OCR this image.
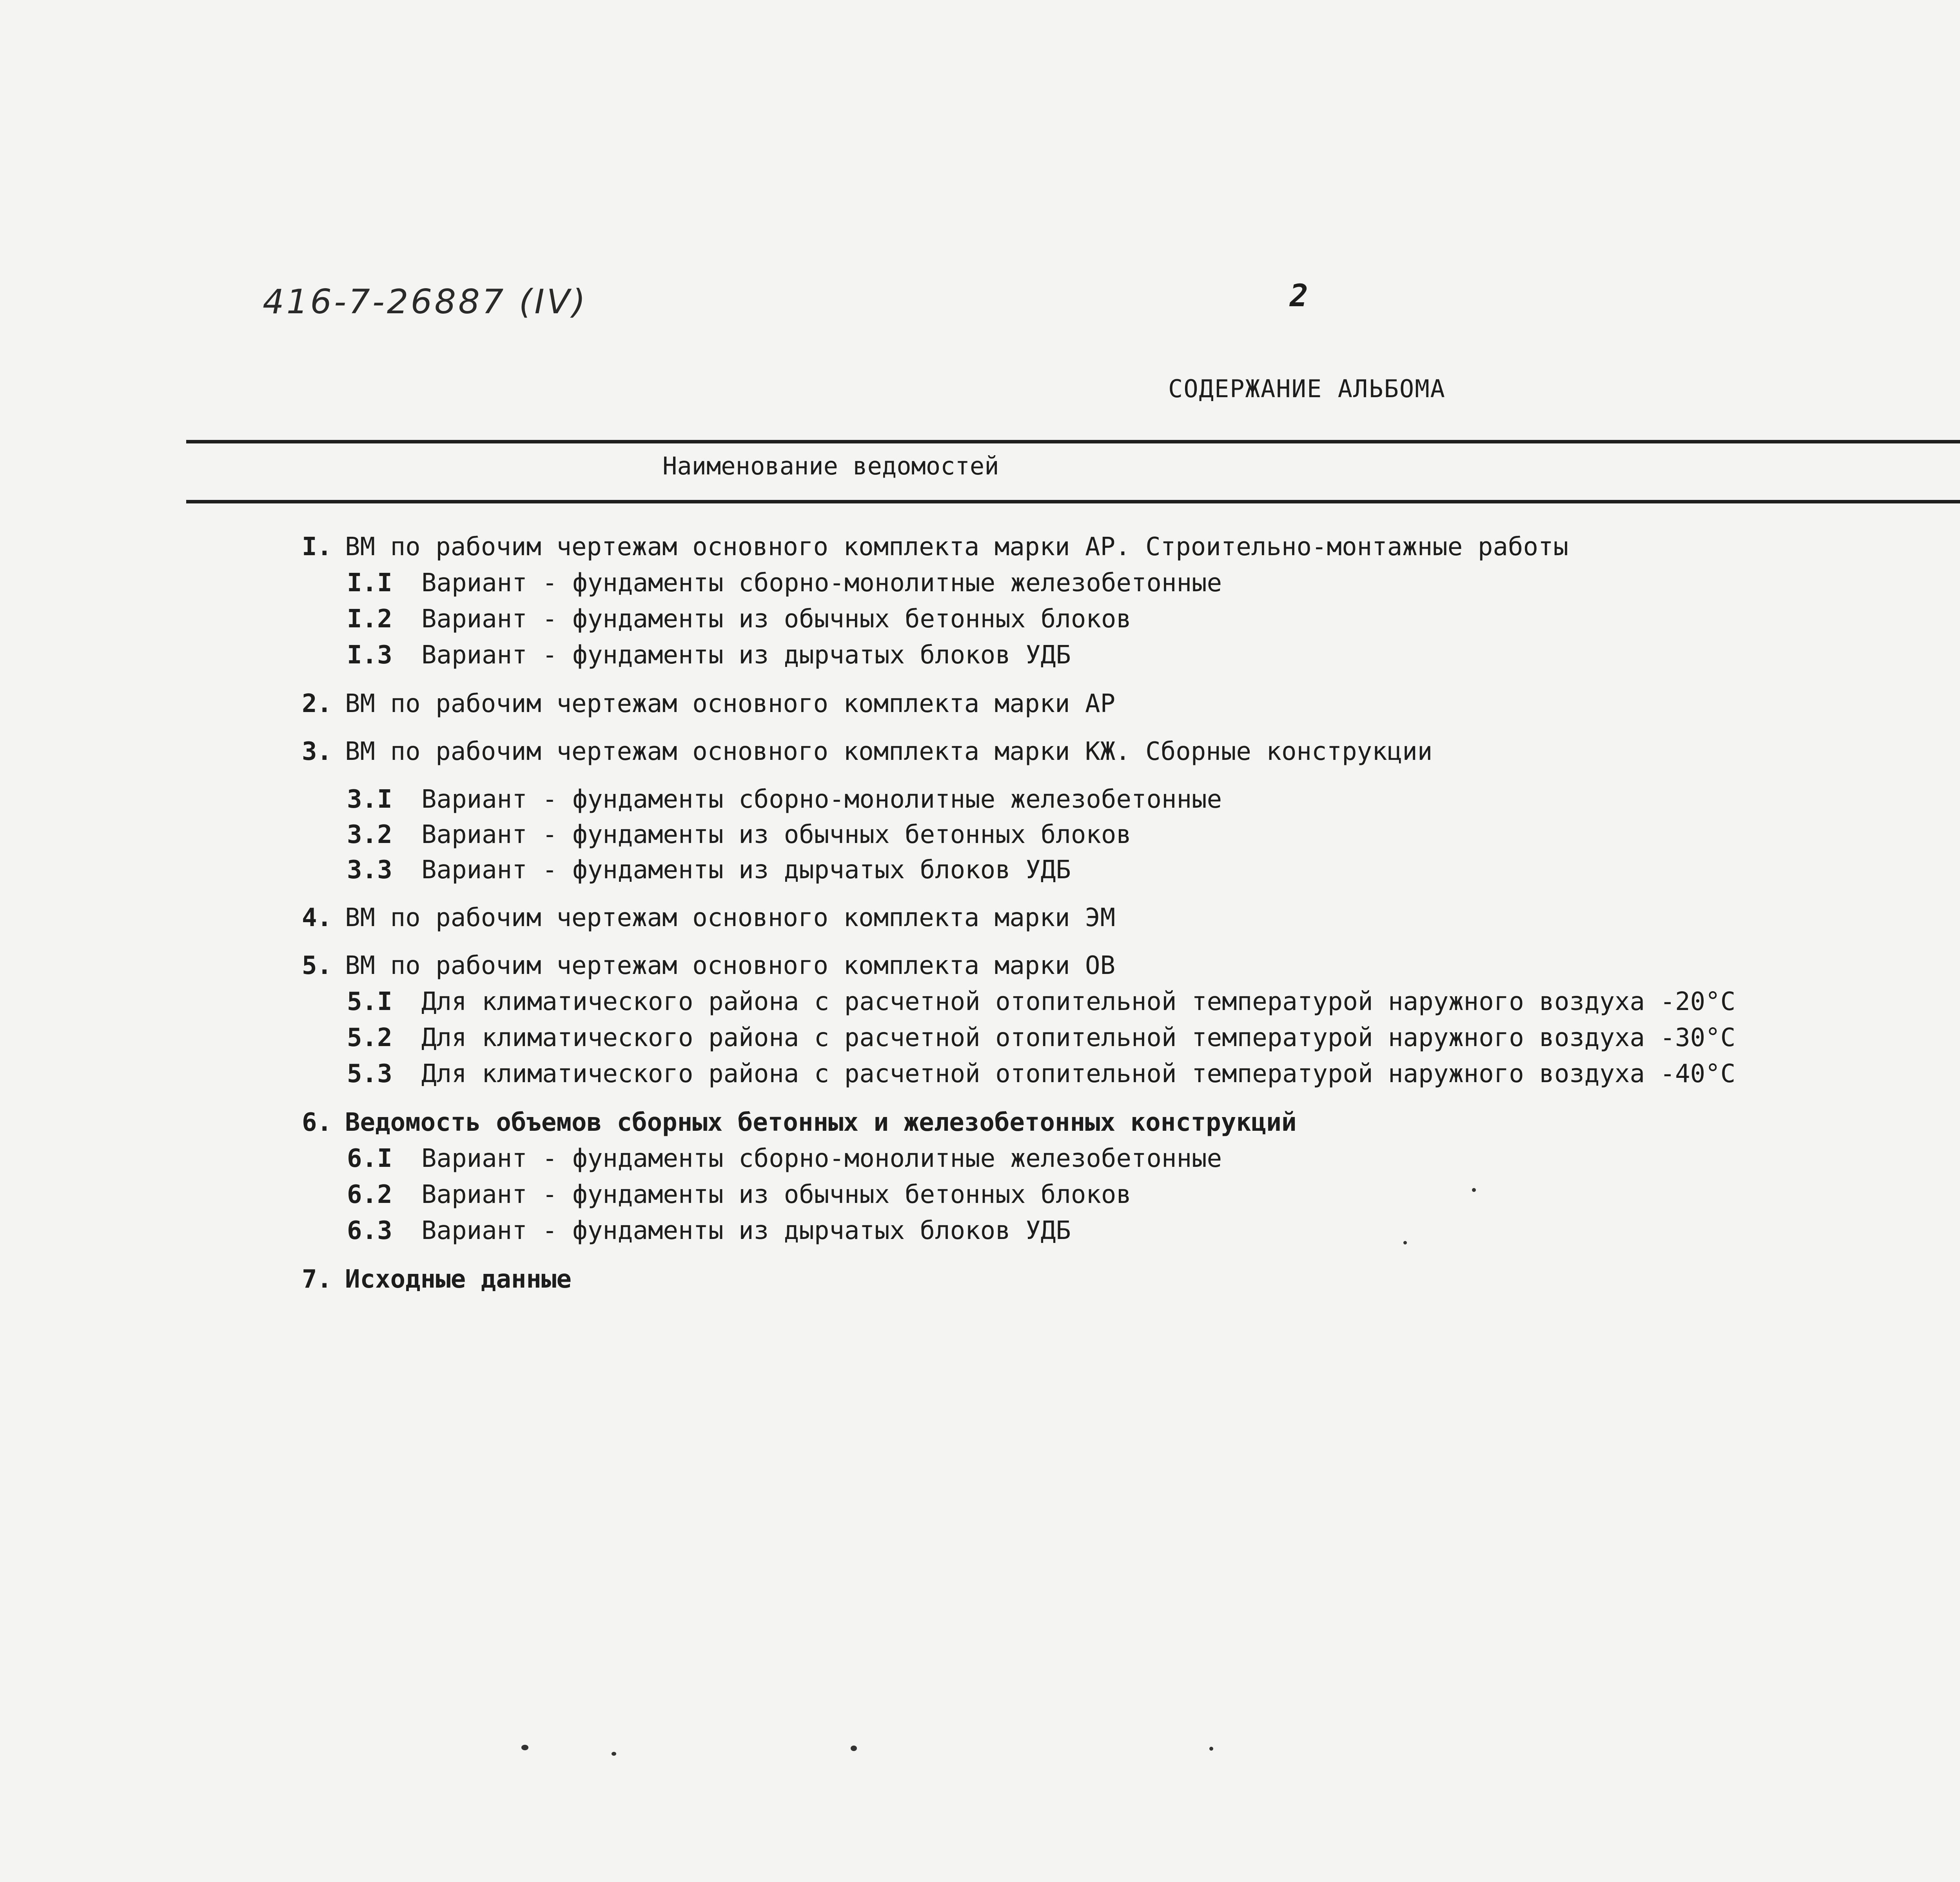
416-7-26887 (IV)	2
СОДЕРЖАНИЕ АЛЬБОМА
Наименование ведомостей
I. ВМ по рабочим чертежам основного комплекта марки АР. Строительно-монтажные работы
I.I Вариант - фундаменты сборно-монолитные железобетонные
I.2 Вариант - фундаменты из обычных бетонных блоков
I.3 Вариант - фундаменты из дырчатых блоков УДБ
2. ВМ по рабочим чертежам основного комплекта марки АР
3. ВМ по рабочим чертежам основного комплекта марки КЖ. Сборные конструкции
3.I Вариант - фундаменты сборно-монолитные железобетонные
3.2 Вариант - фундаменты из обычных бетонных блоков
3.3 Вариант - фундаменты из дырчатых блоков УДБ
4. ВМ по рабочим чертежам основного комплекта марки ЭМ
5. ВМ по рабочим чертежам основного комплекта марки ОВ
5.I Для климатического района с расчетной отопительной температурой наружного воздуха -20°С
5.2 Для климатического района с расчетной отопительной температурой наружного воздуха -30°С
5.3 Для климатического района с расчетной отопительной температурой наружного воздуха -40°С
6. Ведомость объемов сборных бетонных и железобетонных конструкций
6.I Вариант - фундаменты сборно-монолитные железобетонные
6.2 Вариант - фундаменты из обычных бетонных блоков
6.3 Вариант - фундаменты из дырчатых блоков УДБ
7. Исходные данные
